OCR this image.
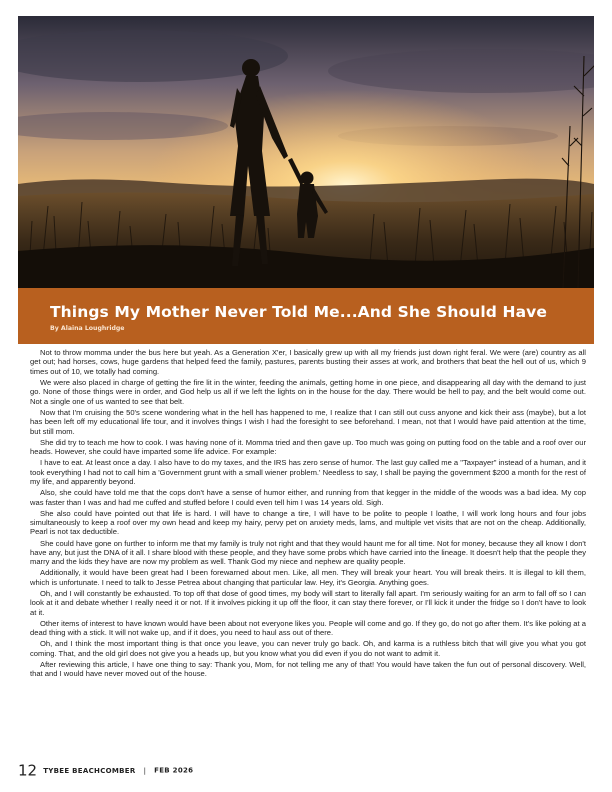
Things My Mother Never Told Me...And She Should Have
By Alaina Loughridge

Not to throw momma under the bus here but yeah. As a Generation X'er, I basically grew up with all my friends just down right feral. We were (are) country as all get out; had horses, cows, huge gardens that helped feed the family, pastures, parents busting their asses at work, and brothers that beat the hell out of us, which 9 times out of 10, we totally had coming.

We were also placed in charge of getting the fire lit in the winter, feeding the animals, getting home in one piece, and disappearing all day with the demand to just go. None of those things were in order, and God help us all if we left the lights on in the house for the day. There would be hell to pay, and the belt would come out. Not a single one of us wanted to see that belt.

Now that I'm cruising the 50's scene wondering what in the hell has happened to me, I realize that I can still out cuss anyone and kick their ass (maybe), but a lot has been left off my educational life tour, and it involves things I wish I had the foresight to see beforehand. I mean, not that I would have paid attention at the time, but still mom.

She did try to teach me how to cook. I was having none of it. Momma tried and then gave up. Too much was going on putting food on the table and a roof over our heads. However, she could have imparted some life advice. For example:

I have to eat. At least once a day. I also have to do my taxes, and the IRS has zero sense of humor. The last guy called me a "Taxpayer" instead of a human, and it took everything I had not to call him a 'Government grunt with a small wiener problem.' Needless to say, I shall be paying the government $200 a month for the rest of my life, and apparently beyond.

Also, she could have told me that the cops don't have a sense of humor either, and running from that kegger in the middle of the woods was a bad idea. My cop was faster than I was and had me cuffed and stuffed before I could even tell him I was 14 years old. Sigh.

She also could have pointed out that life is hard. I will have to change a tire, I will have to be polite to people I loathe, I will work long hours and four jobs simultaneously to keep a roof over my own head and keep my hairy, pervy pet on anxiety meds, lams, and multiple vet visits that are not on the cheap. Additionally, Pearl is not tax deductible.

She could have gone on further to inform me that my family is truly not right and that they would haunt me for all time. Not for money, because they all know I don't have any, but just the DNA of it all. I share blood with these people, and they have some probs which have carried into the lineage. It doesn't help that the people they marry and the kids they have are now my problem as well. Thank God my niece and nephew are quality people.

Additionally, it would have been great had I been forewarned about men. Like, all men. They will break your heart. You will break theirs. It is illegal to kill them, which is unfortunate. I need to talk to Jesse Petrea about changing that particular law. Hey, it's Georgia. Anything goes.

Oh, and I will constantly be exhausted. To top off that dose of good times, my body will start to literally fall apart. I'm seriously waiting for an arm to fall off so I can look at it and debate whether I really need it or not. If it involves picking it up off the floor, it can stay there forever, or I'll kick it under the fridge so I don't have to look at it.

Other items of interest to have known would have been about not everyone likes you. People will come and go. If they go, do not go after them. It's like poking at a dead thing with a stick. It will not wake up, and if it does, you need to haul ass out of there.

Oh, and I think the most important thing is that once you leave, you can never truly go back. Oh, and karma is a ruthless bitch that will give you what you got coming. That, and the old girl does not give you a heads up, but you know what you did even if you do not want to admit it.

After reviewing this article, I have one thing to say: Thank you, Mom, for not telling me any of that! You would have taken the fun out of personal discovery. Well, that and I would have never moved out of the house.

12 TYBEE BEACHCOMBER | FEB 2026
